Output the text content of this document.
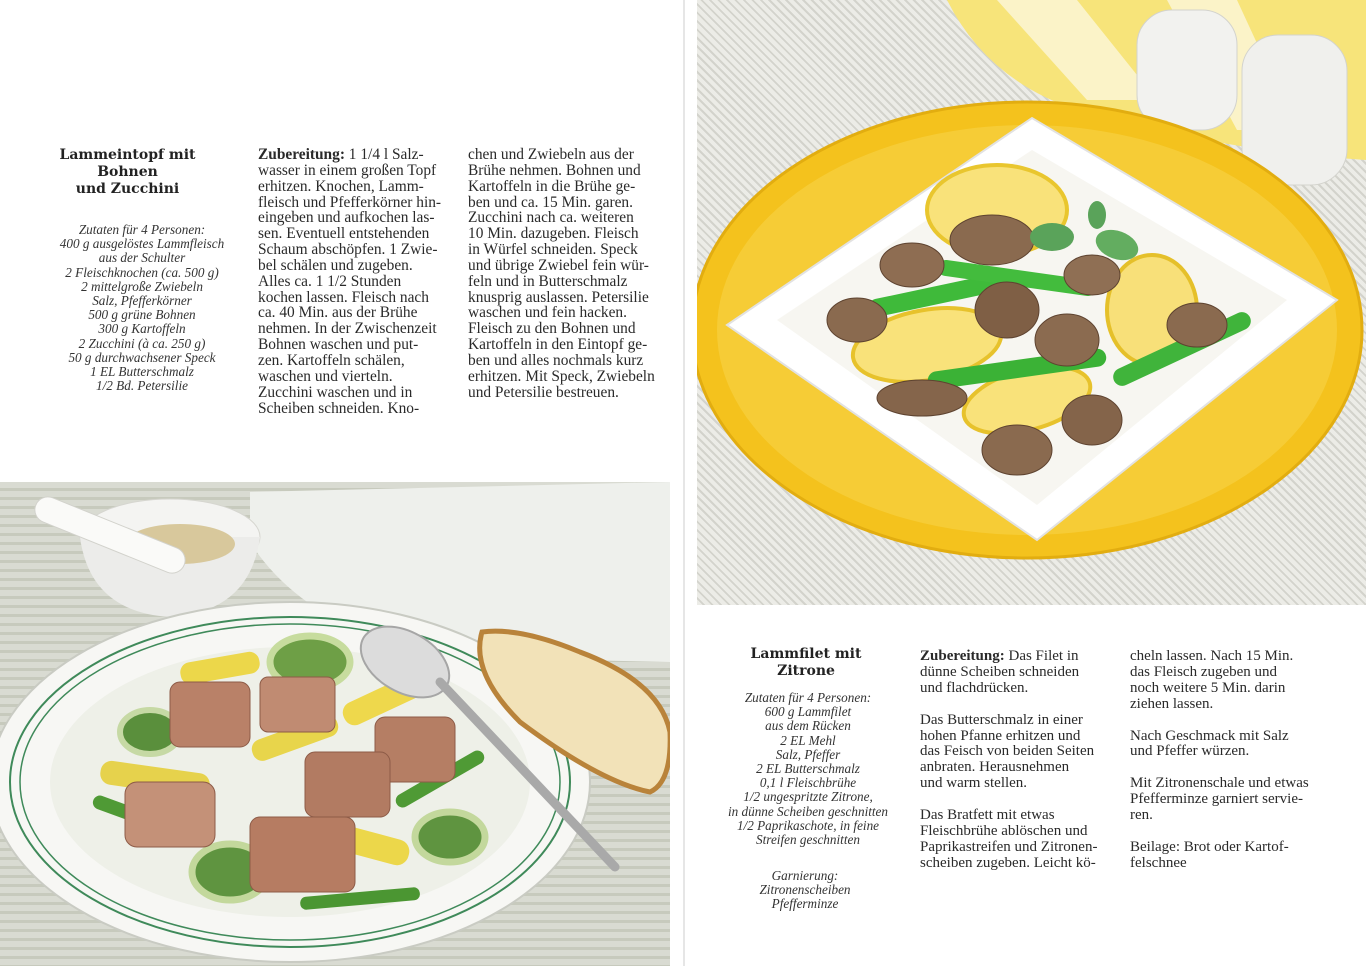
Lammeintopf mit Bohnen
und Zucchini
Zutaten für 4 Personen:
400 g ausgelöstes Lammfleisch
aus der Schulter
2 Fleischknochen (ca. 500 g)
2 mittelgroße Zwiebeln
Salz, Pfefferkörner
500 g grüne Bohnen
300 g Kartoffeln
2 Zucchini (à ca. 250 g)
50 g durchwachsener Speck
1 EL Butterschmalz
1/2 Bd. Petersilie
Zubereitung: 1 1/4 l Salz-
wasser in einem großen Topf
erhitzen. Knochen, Lamm-
fleisch und Pfefferkörner hin-
eingeben und aufkochen las-
sen. Eventuell entstehenden
Schaum abschöpfen. 1 Zwie-
bel schälen und zugeben.
Alles ca. 1 1/2 Stunden
kochen lassen. Fleisch nach
ca. 40 Min. aus der Brühe
nehmen. In der Zwischenzeit
Bohnen waschen und put-
zen. Kartoffeln schälen,
waschen und vierteln.
Zucchini waschen und in
Scheiben schneiden. Kno-
chen und Zwiebeln aus der
Brühe nehmen. Bohnen und
Kartoffeln in die Brühe ge-
ben und ca. 15 Min. garen.
Zucchini nach ca. weiteren
10 Min. dazugeben. Fleisch
in Würfel schneiden. Speck
und übrige Zwiebel fein wür-
feln und in Butterschmalz
knusprig auslassen. Petersilie
waschen und fein hacken.
Fleisch zu den Bohnen und
Kartoffeln in den Eintopf ge-
ben und alles nochmals kurz
erhitzen. Mit Speck, Zwiebeln
und Petersilie bestreuen.
Lammfilet mit Zitrone
Zutaten für 4 Personen:
600 g Lammfilet
aus dem Rücken
2 EL Mehl
Salz, Pfeffer
2 EL Butterschmalz
0,1 l Fleischbrühe
1/2 ungespritzte Zitrone,
in dünne Scheiben geschnitten
1/2 Paprikaschote, in feine
Streifen geschnitten
Garnierung:
Zitronenscheiben
Pfefferminze
Zubereitung: Das Filet in
dünne Scheiben schneiden
und flachdrücken.
Das Butterschmalz in einer
hohen Pfanne erhitzen und
das Feisch von beiden Seiten
anbraten. Herausnehmen
und warm stellen.
Das Bratfett mit etwas
Fleischbrühe ablöschen und
Paprikastreifen und Zitronen-
scheiben zugeben. Leicht kö-
cheln lassen. Nach 15 Min.
das Fleisch zugeben und
noch weitere 5 Min. darin
ziehen lassen.
Nach Geschmack mit Salz
und Pfeffer würzen.
Mit Zitronenschale und etwas
Pfefferminze garniert servie-
ren.
Beilage: Brot oder Kartof-
felschnee
